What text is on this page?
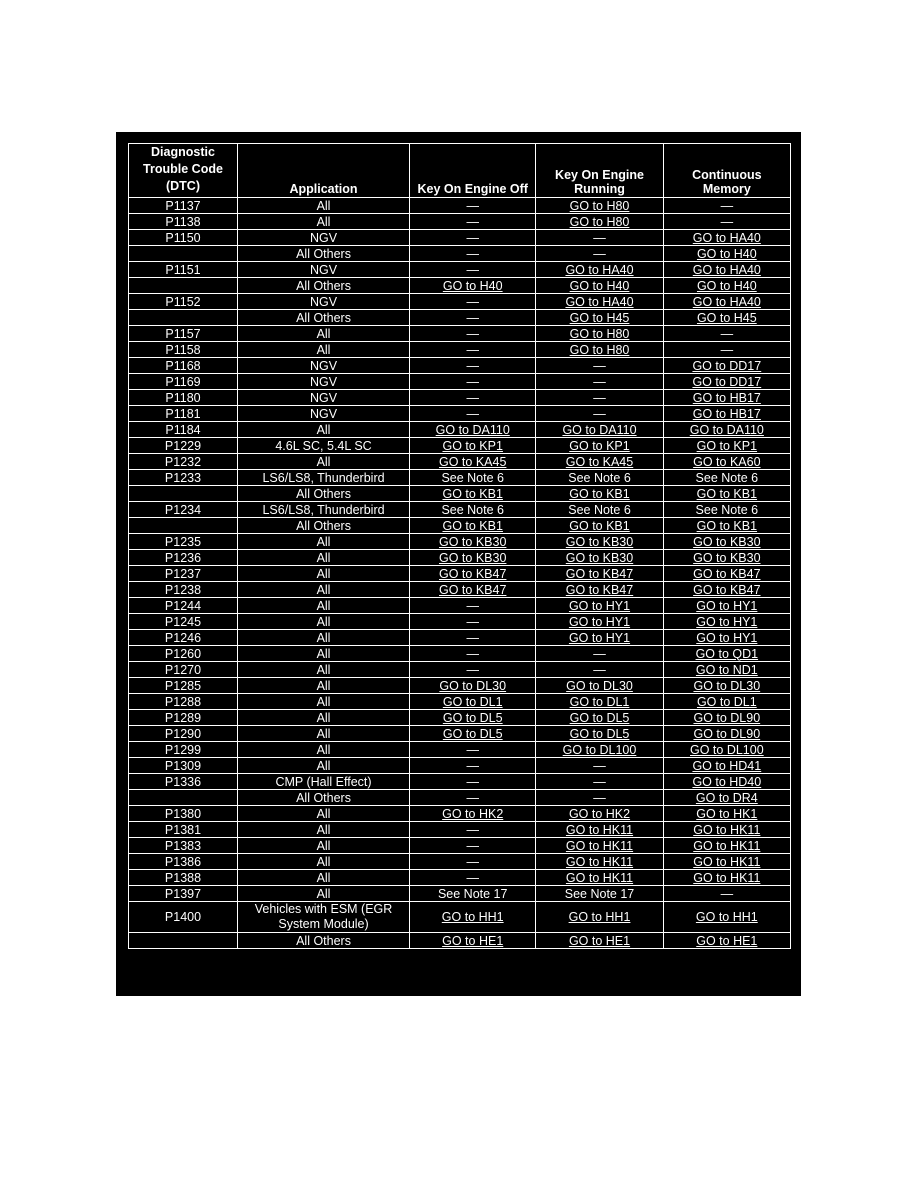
Diagnostic Trouble Code (DTC)	Application	Key On Engine Off	Key On Engine Running	Continuous Memory
P1137	All	—	GO to H80	—
P1138	All	—	GO to H80	—
P1150	NGV	—	—	GO to HA40
	All Others	—	—	GO to H40
P1151	NGV	—	GO to HA40	GO to HA40
	All Others	GO to H40	GO to H40	GO to H40
P1152	NGV	—	GO to HA40	GO to HA40
	All Others	—	GO to H45	GO to H45
P1157	All	—	GO to H80	—
P1158	All	—	GO to H80	—
P1168	NGV	—	—	GO to DD17
P1169	NGV	—	—	GO to DD17
P1180	NGV	—	—	GO to HB17
P1181	NGV	—	—	GO to HB17
P1184	All	GO to DA110	GO to DA110	GO to DA110
P1229	4.6L SC, 5.4L SC	GO to KP1	GO to KP1	GO to KP1
P1232	All	GO to KA45	GO to KA45	GO to KA60
P1233	LS6/LS8, Thunderbird	See Note 6	See Note 6	See Note 6
	All Others	GO to KB1	GO to KB1	GO to KB1
P1234	LS6/LS8, Thunderbird	See Note 6	See Note 6	See Note 6
	All Others	GO to KB1	GO to KB1	GO to KB1
P1235	All	GO to KB30	GO to KB30	GO to KB30
P1236	All	GO to KB30	GO to KB30	GO to KB30
P1237	All	GO to KB47	GO to KB47	GO to KB47
P1238	All	GO to KB47	GO to KB47	GO to KB47
P1244	All	—	GO to HY1	GO to HY1
P1245	All	—	GO to HY1	GO to HY1
P1246	All	—	GO to HY1	GO to HY1
P1260	All	—	—	GO to QD1
P1270	All	—	—	GO to ND1
P1285	All	GO to DL30	GO to DL30	GO to DL30
P1288	All	GO to DL1	GO to DL1	GO to DL1
P1289	All	GO to DL5	GO to DL5	GO to DL90
P1290	All	GO to DL5	GO to DL5	GO to DL90
P1299	All	—	GO to DL100	GO to DL100
P1309	All	—	—	GO to HD41
P1336	CMP (Hall Effect)	—	—	GO to HD40
	All Others	—	—	GO to DR4
P1380	All	GO to HK2	GO to HK2	GO to HK1
P1381	All	—	GO to HK11	GO to HK11
P1383	All	—	GO to HK11	GO to HK11
P1386	All	—	GO to HK11	GO to HK11
P1388	All	—	GO to HK11	GO to HK11
P1397	All	See Note 17	See Note 17	—
P1400	Vehicles with ESM (EGR System Module)	GO to HH1	GO to HH1	GO to HH1
	All Others	GO to HE1	GO to HE1	GO to HE1
